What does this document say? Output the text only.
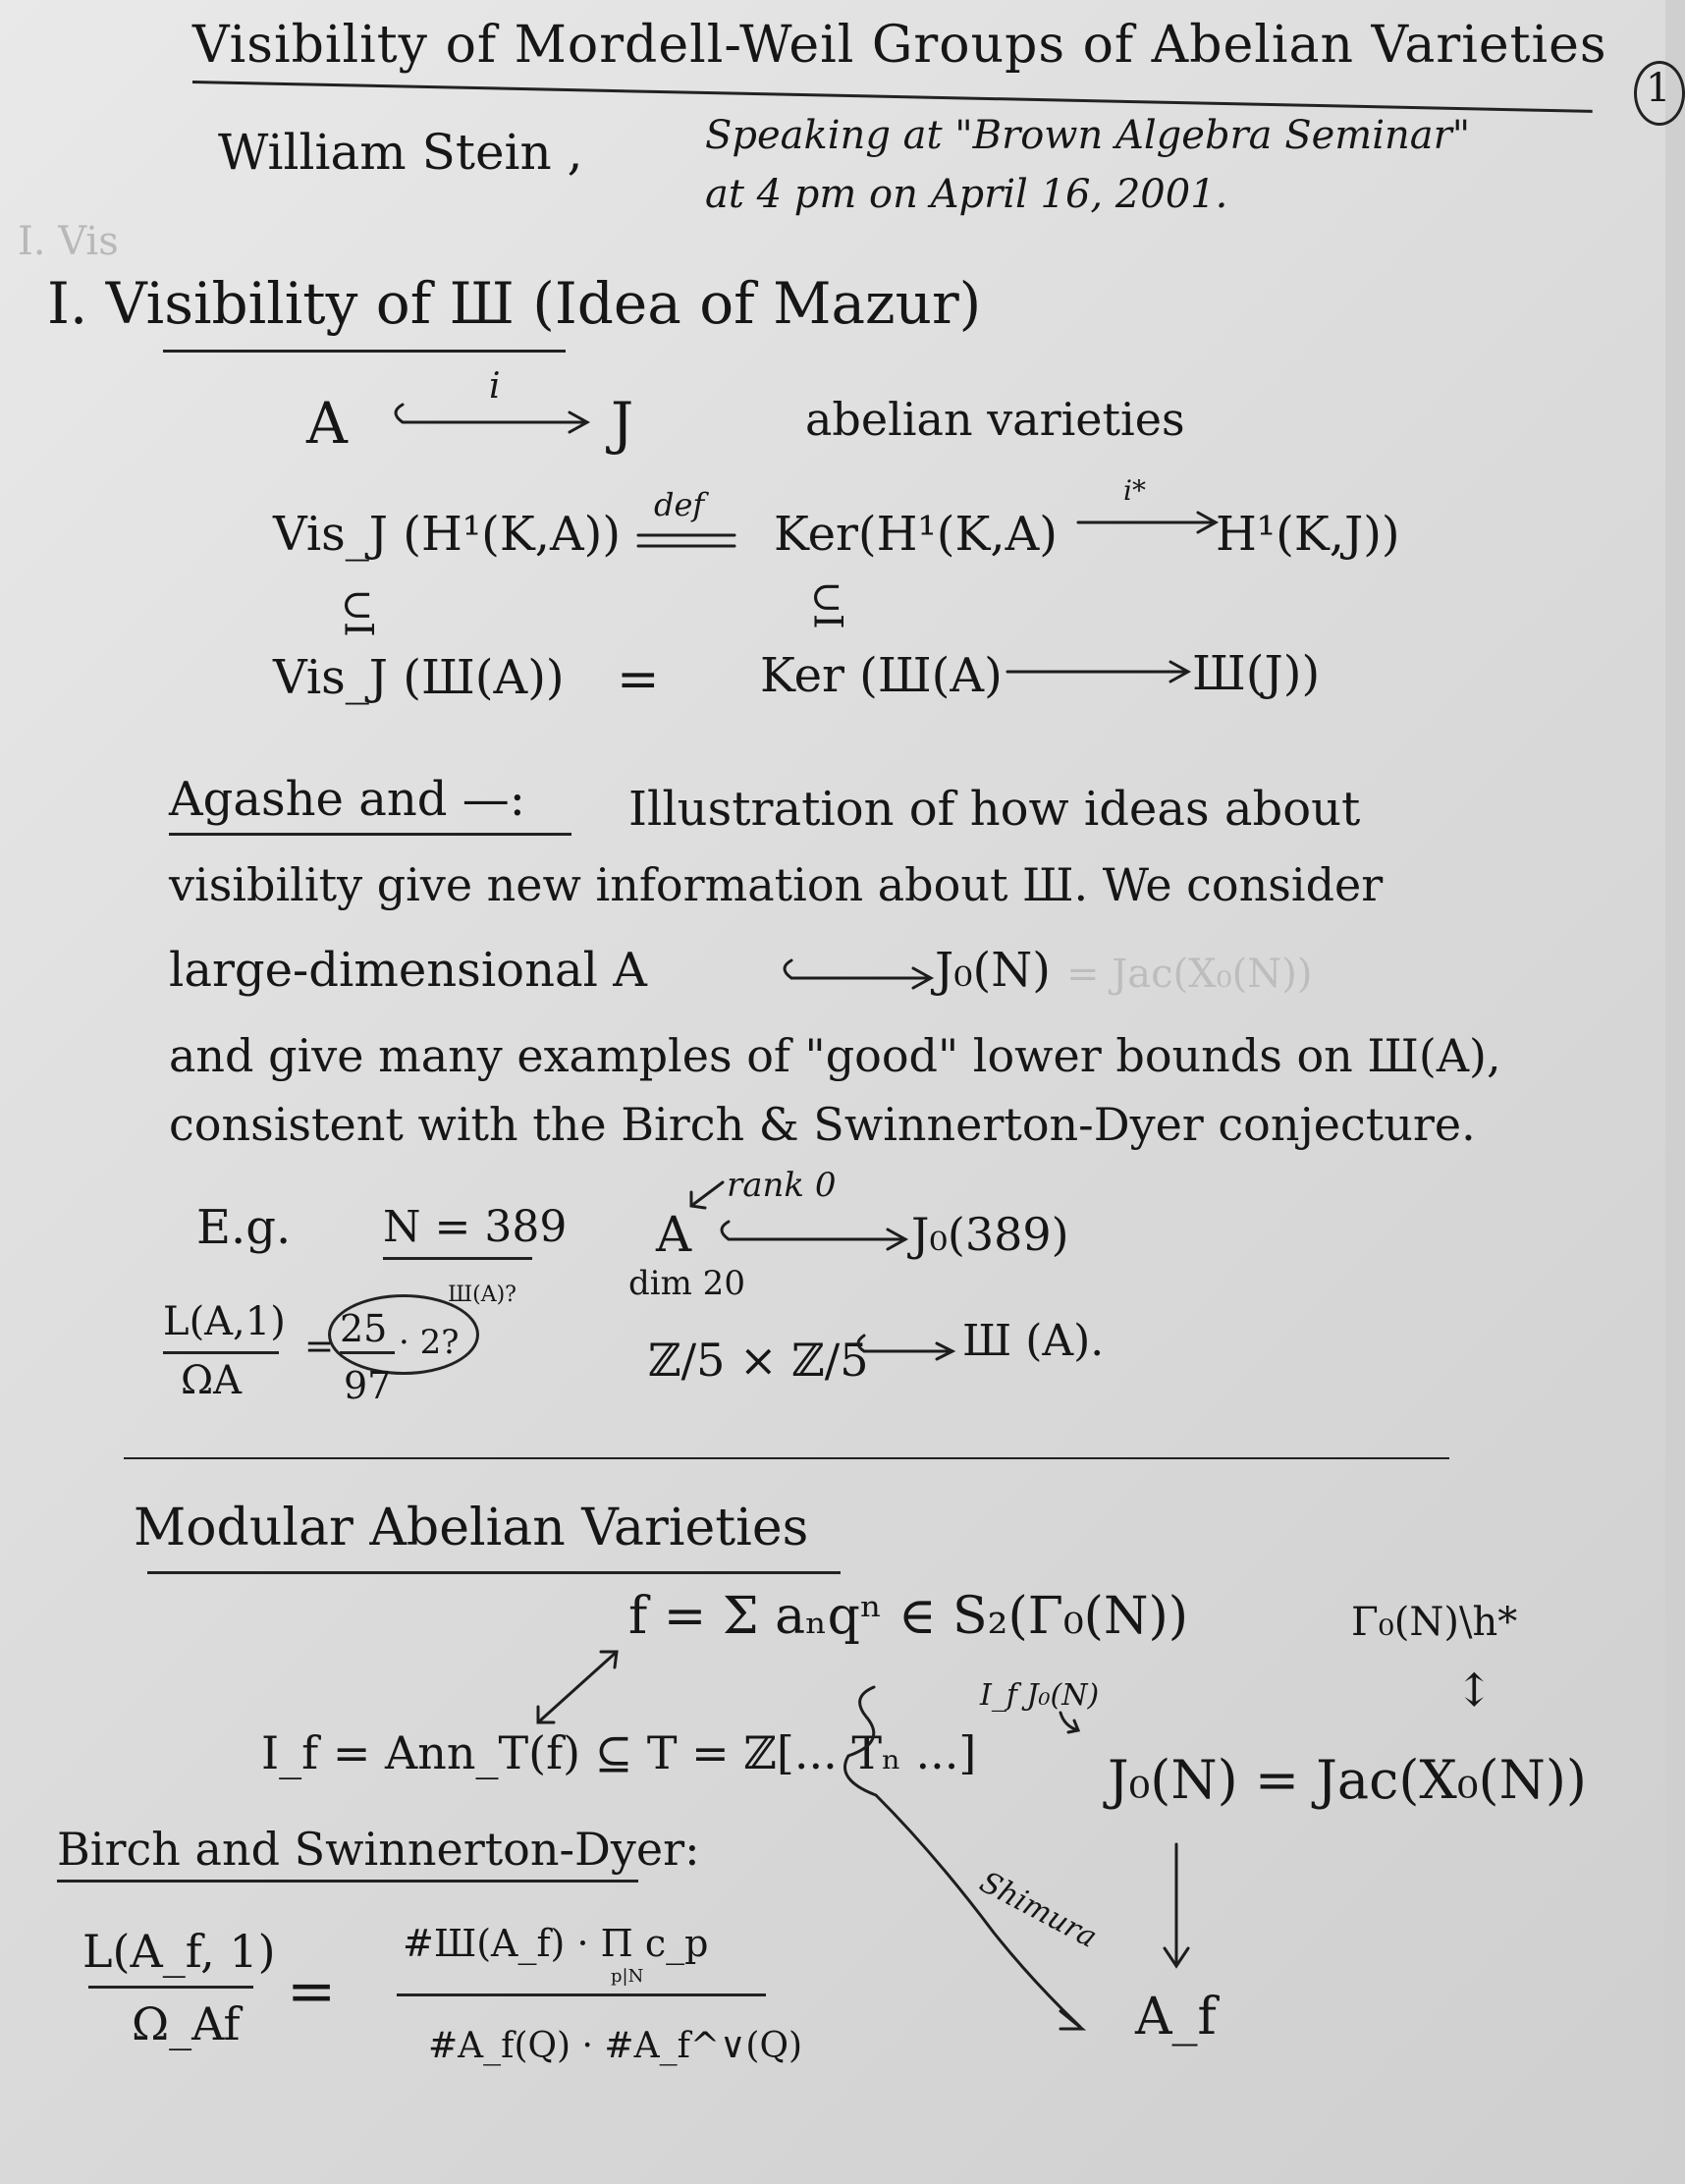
Visibility of Mordell-Weil Groups of Abelian Varieties
1
William Stein ,	Speaking at "Brown Algebra Seminar"
at 4 pm on April 16, 2001.
I. Vis
I. Visibility of Ш (Idea of Mazur)
A
i
J	abelian varieties
Vis_J (H¹(K,A))
def
Ker(H¹(K,A)
i*
H¹(K,J))
∪I	∪I
Vis_J (Ш(A)) = Ker (Ш(A)	Ш(J))
Agashe and —: Illustration of how ideas about
visibility give new information about Ш. We consider
large-dimensional A	J₀(N) = Jac(X₀(N))
and give many examples of "good" lower bounds on Ш(A),
consistent with the Birch & Swinnerton-Dyer conjecture.
E.g. N = 389
rank 0
A	J₀(389)
Ш(A)?	dim 20
L(A,1)
ΩA
= 25
97
· 2?	ℤ/5 × ℤ/5 Ш (A).
Modular Abelian Varieties
f = Σ aₙqⁿ ∈ S₂(Γ₀(N))	Γ₀(N)\h*
↕
I_f = Ann_T(f) ⊆ T = ℤ[... Tₙ ...]
I_f J₀(N)
J₀(N) = Jac(X₀(N))
Birch and Swinnerton-Dyer:
Shimura
A_f
L(A_f, 1)
Ω_Af =
#Ш(A_f) · Π c_p
p|N
#A_f(Q) · #A_f^∨(Q)
